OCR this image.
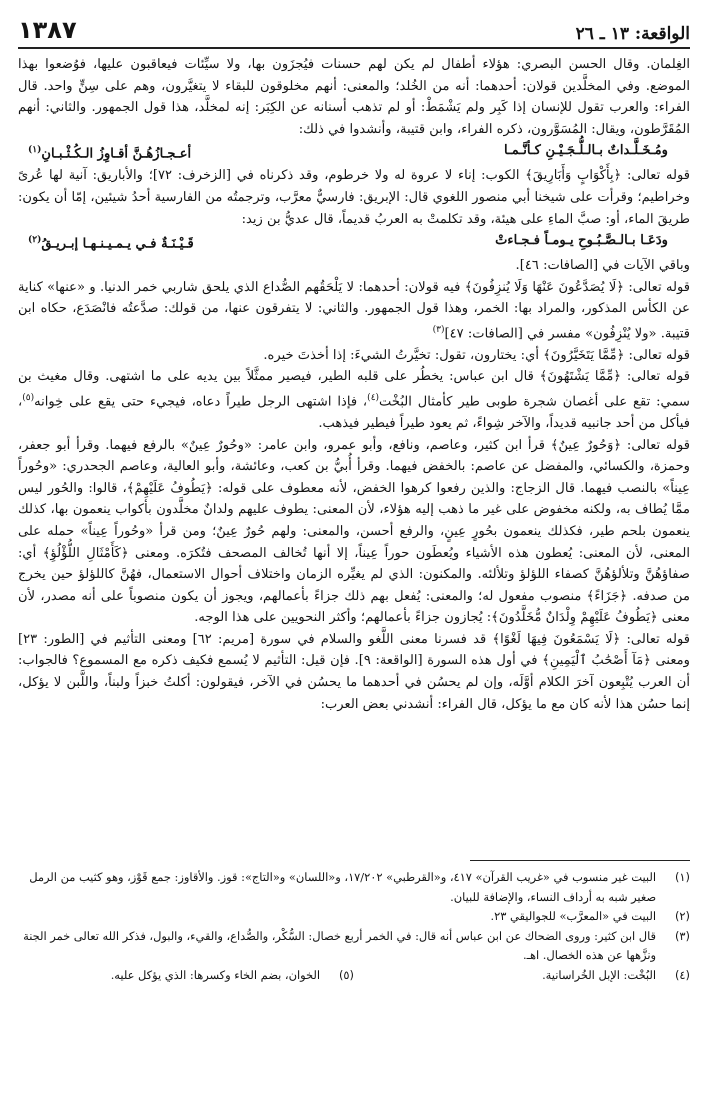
الواقعة: ١٣ ـ ٢٦
١٣٨٧

الغِلمان. وقال الحسن البصري: هؤلاء أطفال لم يكن لهم حسنات فيُجزَون بها، ولا سيِّئات فيعاقبون عليها، فوُضعوا بهذا الموضع. وفي المخلَّدين قولان: أحدهما: أنه من الخُلد؛ والمعنى: أنهم مخلوقون للبقاء لا يتغيَّرون، وهم على سِنٍّ واحد. قال الفراء: والعرب تقول للإنسان إذا كَبِر ولم يَشْمَطْ: أو لم تذهب أسنانه عن الكِبَر: إنه لمخلَّد، هذا قول الجمهور. والثاني: أنهم المُقَرَّطون، ويقال: المُسَوَّرون، ذكره الفراء، وابن قتيبة، وأنشدوا في ذلك:

ومُـخَـلَّـداتٌ بـالـلُّـجَـيْـنِ كـأنَّـمـا
أعـجـازُهُـنَّ أقـاوِزُ الـكُـثْـبـانِ$^{(١)}$

قوله تعالى: ﴿بِأَكْوَابٍ وَأَبَارِيقَ﴾ الكوب: إناء لا عروة له ولا خرطوم، وقد ذكرناه في [الزخرف: ٧٢]؛ والأباريق: آنية لها عُرىً وخراطيم؛ وقرأت على شيخنا أبي منصور اللغوي قال: الإبريق: فارسيٌّ معرَّب، وترجمتُه من الفارسية أحدُ شيئين، إمّا أن يكون: طريقَ الماء، أو: صبَّ الماءِ على هيئة، وقد تكلمتْ به العربُ قديماً، قال عديُّ بن زيد:

ودَعَـا بـالـصَّـبُـوحِ يـومـاً فـجـاءتْ
قَـيْـنَـةٌ فـي يـمـيـنـهـا إبـريـقُ$^{(٢)}$

وباقي الآيات في [الصافات: ٤٦].

قوله تعالى: ﴿لَا يُصَدَّعُونَ عَنْهَا وَلَا يُنزِفُونَ﴾ فيه قولان: أحدهما: لا يَلْحَقُهم الصُّداع الذي يلحق شاربي خمر الدنيا. و «عنها» كناية عن الكأس المذكور، والمراد بها: الخمر، وهذا قول الجمهور. والثاني: لا يتفرقون عنها، من قولك: صدَّعتُه فانْصَدَع، حكاه ابن قتيبة. «ولا يُنْزِفُون» مفسر في [الصافات: ٤٧]$^{(٣)}$

قوله تعالى: ﴿مِّمَّا يَتَخَيَّرُونَ﴾ أي: يختارون، تقول: تخيَّرتُ الشيءَ: إذا أخذتَ خيره.

قوله تعالى: ﴿مِّمَّا يَشْتَهُونَ﴾ قال ابن عباس: يخطُر على قلبه الطير، فيصير ممثَّلاً بين يديه على ما اشتهى. وقال مغيث بن سمي: تقع على أغصان شجرة طوبى طير كأمثال البُخْت$^{(٤)}$، فإذا اشتهى الرجل طيراً دعاه، فيجيء حتى يقع على خِوانه$^{(٥)}$، فيأكل من أحد جانبيه قديداً، والآخر شِواءً، ثم يعود طيراً فيطير فيذهب.

قوله تعالى: ﴿وَحُورٌ عِينٌ﴾ قرأ ابن كثير، وعاصم، ونافع، وأبو عمرو، وابن عامر: «وحُورٌ عِينٌ» بالرفع فيهما. وقرأ أبو جعفر، وحمزة، والكسائي، والمفضل عن عاصم: بالخفض فيهما. وقرأ أُبيُّ بن كعب، وعائشة، وأبو العالية، وعاصم الجحدري: «وحُوراً عِيناً» بالنصب فيهما. قال الزجاج: والذين رفعوا كرهوا الخفض، لأنه معطوف على قوله: ﴿يَطُوفُ عَلَيْهِمْ﴾، قالوا: والحُور ليس ممَّا يُطاف به، ولكنه مخفوض على غير ما ذهب إليه هؤلاء، لأن المعنى: يطوف عليهم ولدانٌ مخلَّدون بأكواب ينعمون بها، كذلك ينعمون بلحم طير، فكذلك ينعمون بحُورٍ عِينٍ، والرفع أحسن، والمعنى: ولهم حُورٌ عِينٌ؛ ومن قرأ «وحُوراً عِيناً» حمله على المعنى، لأن المعنى: يُعطون هذه الأشياء ويُعطَون حوراً عِيناً، إلا أنها تُخالف المصحف فتُكرَه. ومعنى ﴿كَأَمْثَالِ اللُّؤْلُؤِ﴾ أي: صفاؤهُنَّ وتلألؤهُنَّ كصفاء اللؤلؤ وتلألئه. والمكنون: الذي لم يغيِّره الزمان واختلاف أحوال الاستعمال، فهُنَّ كاللؤلؤ حين يخرج من صدفه. ﴿جَزَاءً﴾ منصوب مفعول له؛ والمعنى: يُفعل بهم ذلك جزاءً بأعمالهم، ويجوز أن يكون منصوباً على أنه مصدر، لأن معنى ﴿يَطُوفُ عَلَيْهِمْ وِلْدَانٌ مُّخَلَّدُونَ﴾: يُجازون جزاءً بأعمالهم؛ وأكثر النحويين على هذا الوجه.

قوله تعالى: ﴿لَا يَسْمَعُونَ فِيهَا لَغْوًا﴾ قد فسرنا معنى اللَّغو والسلام في سورة [مريم: ٦٢] ومعنى التأثيم في [الطور: ٢٣] ومعنى ﴿مَآ أَصْحَٰبُ ٱلْيَمِينِ﴾ في أول هذه السورة [الواقعة: ٩]. فإن قيل: التأثيم لا يُسمع فكيف ذكره مع المسموع؟ فالجواب: أن العرب يُتْبِعون آخرَ الكلام أوَّلَه، وإن لم يحسُن في أحدهما ما يحسُن في الآخر، فيقولون: أكلتُ خبزاً ولبناً، واللَّبن لا يؤكل، إنما حسُن هذا لأنه كان مع ما يؤكل، قال الفراء: أنشدني بعض العرب:

(١)
البيت غير منسوب في «غريب القرآن» ٤١٧، و«القرطبي» ١٧/٢٠٢، و«اللسان» و«التاج»: قوز. والأقاوز: جمع قَوْز، وهو كثيب من الرمل صغير شبه به أرداف النساء، والإضافة للبيان.
(٢)
البيت في «المعرَّب» للجواليقي ٢٣.
(٣)
قال ابن كثير: وروى الضحاك عن ابن عباس أنه قال: في الخمر أربع خصال: السُّكْر، والصُّداع، والقيء، والبول، فذكر الله تعالى خمر الجنة ونزَّهها عن هذه الخصال. اهـ.
(٤)
البُخْت: الإبل الخُراسانية.
(٥)
الخوان، بضم الخاء وكسرها: الذي يؤكل عليه.
